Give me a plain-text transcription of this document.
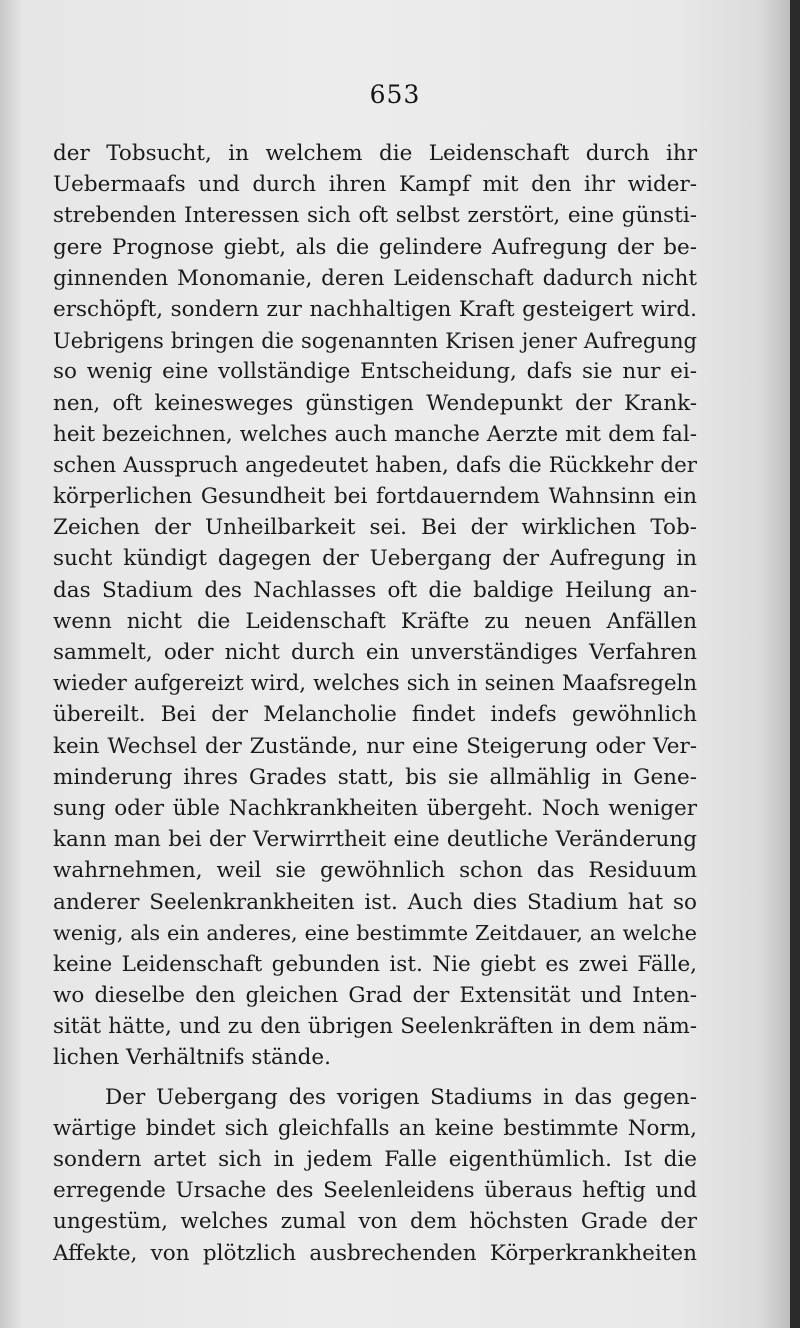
653
der Tobsucht, in welchem die Leidenschaft durch ihr
Uebermaafs und durch ihren Kampf mit den ihr wider-
strebenden Interessen sich oft selbst zerstört, eine günsti-
gere Prognose giebt, als die gelindere Aufregung der be-
ginnenden Monomanie, deren Leidenschaft dadurch nicht
erschöpft, sondern zur nachhaltigen Kraft gesteigert wird.
Uebrigens bringen die sogenannten Krisen jener Aufregung
so wenig eine vollständige Entscheidung, dafs sie nur ei-
nen, oft keinesweges günstigen Wendepunkt der Krank-
heit bezeichnen, welches auch manche Aerzte mit dem fal-
schen Ausspruch angedeutet haben, dafs die Rückkehr der
körperlichen Gesundheit bei fortdauerndem Wahnsinn ein
Zeichen der Unheilbarkeit sei. Bei der wirklichen Tob-
sucht kündigt dagegen der Uebergang der Aufregung in
das Stadium des Nachlasses oft die baldige Heilung an-
wenn nicht die Leidenschaft Kräfte zu neuen Anfällen
sammelt, oder nicht durch ein unverständiges Verfahren
wieder aufgereizt wird, welches sich in seinen Maafsregeln
übereilt. Bei der Melancholie findet indefs gewöhnlich
kein Wechsel der Zustände, nur eine Steigerung oder Ver-
minderung ihres Grades statt, bis sie allmählig in Gene-
sung oder üble Nachkrankheiten übergeht. Noch weniger
kann man bei der Verwirrtheit eine deutliche Veränderung
wahrnehmen, weil sie gewöhnlich schon das Residuum
anderer Seelenkrankheiten ist. Auch dies Stadium hat so
wenig, als ein anderes, eine bestimmte Zeitdauer, an welche
keine Leidenschaft gebunden ist. Nie giebt es zwei Fälle,
wo dieselbe den gleichen Grad der Extensität und Inten-
sität hätte, und zu den übrigen Seelenkräften in dem näm-
lichen Verhältnifs stände.
Der Uebergang des vorigen Stadiums in das gegen-
wärtige bindet sich gleichfalls an keine bestimmte Norm,
sondern artet sich in jedem Falle eigenthümlich. Ist die
erregende Ursache des Seelenleidens überaus heftig und
ungestüm, welches zumal von dem höchsten Grade der
Affekte, von plötzlich ausbrechenden Körperkrankheiten
